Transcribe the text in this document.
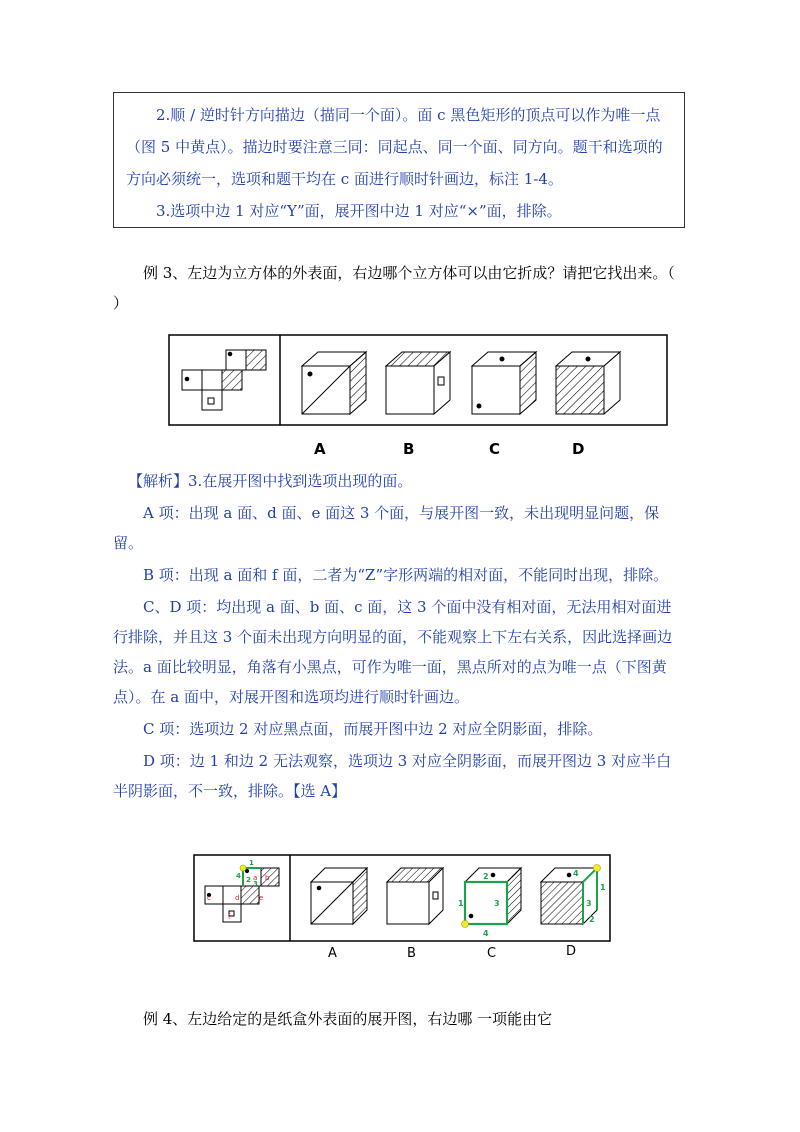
2.顺 / 逆时针方向描边（描同一个面）。面 c 黑色矩形的顶点可以作为唯一点（图 5 中黄点）。描边时要注意三同：同起点、同一个面、同方向。题干和选项的方向必须统一，选项和题干均在 c 面进行顺时针画边，标注 1-4。

3.选项中边 1 对应“Y”面，展开图中边 1 对应“×”面，排除。

例 3、左边为立方体的外表面，右边哪个立方体可以由它折成？请把它找出来。（ ）

A	B	C	D

【解析】3.在展开图中找到选项出现的面。

A 项：出现 a 面、d 面、e 面这 3 个面，与展开图一致，未出现明显问题，保留。

B 项：出现 a 面和 f 面，二者为“Z”字形两端的相对面，不能同时出现，排除。

C、D 项：均出现 a 面、b 面、c 面，这 3 个面中没有相对面，无法用相对面进行排除，并且这 3 个面未出现方向明显的面，不能观察上下左右关系，因此选择画边法。a 面比较明显，角落有小黑点，可作为唯一面，黑点所对的点为唯一点（下图黄点）。在 a 面中，对展开图和选项均进行顺时针画边。

C 项：选项边 2 对应黑点面，而展开图中边 2 对应全阴影面，排除。

D 项：边 1 和边 2 无法观察，选项边 3 对应全阴影面，而展开图边 3 对应半白半阴影面，不一致，排除。【选 A】

a b
c	d	e
f
1
2
4
3
2
1	3
4
4
1
3
2
A	B	C	D

例 4、左边给定的是纸盒外表面的展开图，右边哪 一项能由它
